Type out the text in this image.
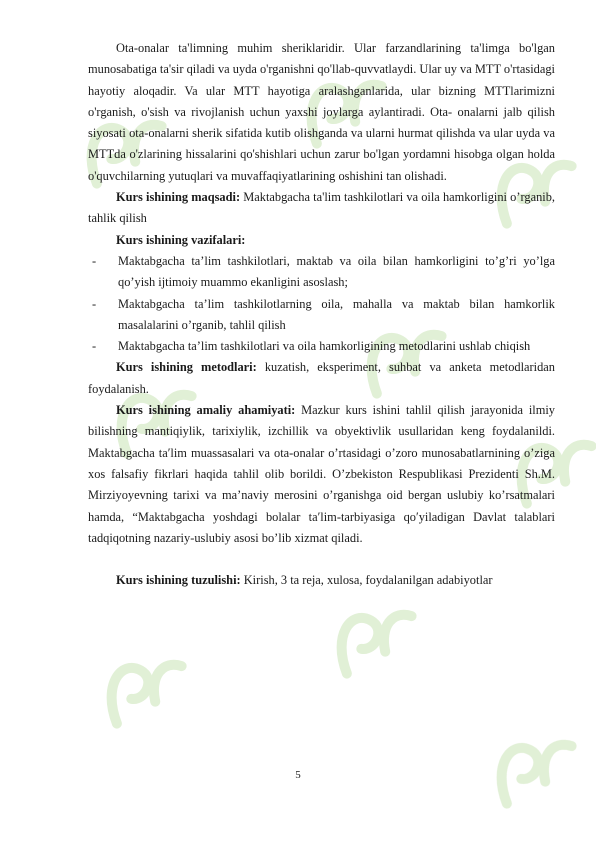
Ota-onalar ta'limning muhim sheriklaridir. Ular farzandlarining ta'limga bo'lgan munosabatiga ta'sir qiladi va uyda o'rganishni qo'llab-quvvatlaydi. Ular uy va MTT o'rtasidagi hayotiy aloqadir. Va ular MTT hayotiga aralashganlarida, ular bizning MTTlarimizni o'rganish, o'sish va rivojlanish uchun yaxshi joylarga aylantiradi. Ota- onalarni jalb qilish siyosati ota-onalarni sherik sifatida kutib olishganda va ularni hurmat qilishda va ular uyda va MTTda o'zlarining hissalarini qo'shishlari uchun zarur bo'lgan yordamni hisobga olgan holda o'quvchilarning yutuqlari va muvaffaqiyatlarining oshishini tan olishadi.

Kurs ishining maqsadi: Maktabgacha ta'lim tashkilotlari va oila hamkorligini o’rganib, tahlik qilish

Kurs ishining vazifalari:

- Maktabgacha ta’lim tashkilotlari, maktab va oila bilan hamkorligini to’g’ri yo’lga qo’yish ijtimoiy muammo ekanligini asoslash;
- Maktabgacha ta’lim tashkilotlarning oila, mahalla va maktab bilan hamkorlik masalalarini o’rganib, tahlil qilish
- Maktabgacha ta’lim tashkilotlari va oila hamkorligining metodlarini ushlab chiqish

Kurs ishining metodlari: kuzatish, eksperiment, suhbat va anketa metodlaridan foydalanish.

Kurs ishining amaliy ahamiyati: Mazkur kurs ishini tahlil qilish jarayonida ilmiy bilishning mantiqiylik, tarixiylik, izchillik va obyektivlik usullaridan keng foydalanildi. Maktabgacha taʹlim muassasalari va ota-onalar o’rtasidagi o’zoro munosabatlarnining o’ziga xos falsafiy fikrlari haqida tahlil olib borildi. O’zbekiston Respublikasi Prezidenti Sh.M. Mirziyoyevning tarixi va ma’naviy merosini o’rganishga oid bergan uslubiy ko’rsatmalari hamda, “Maktabgacha yoshdagi bolalar taʹlim-tarbiyasiga qoʹyiladigan Davlat talablari tadqiqotning nazariy-uslubiy asosi bo’lib xizmat qiladi.

Kurs ishining tuzulishi: Kirish, 3 ta reja, xulosa, foydalanilgan adabiyotlar

5
